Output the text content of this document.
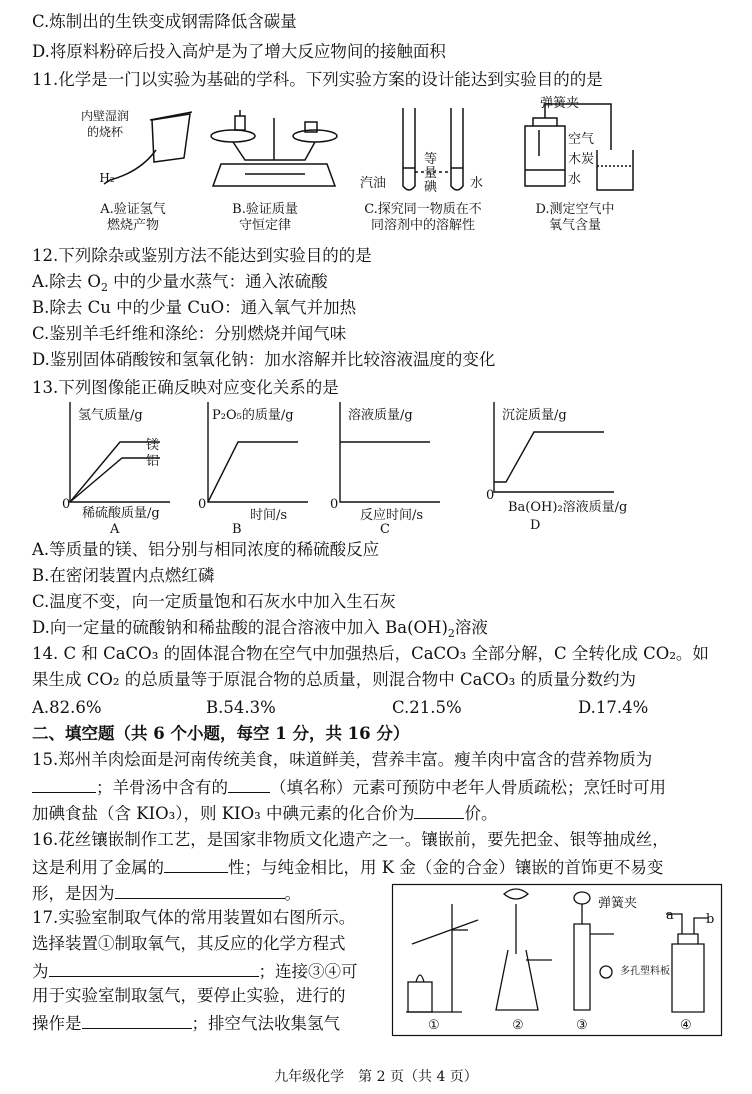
C.炼制出的生铁变成钢需降低含碳量
D.将原料粉碎后投入高炉是为了增大反应物间的接触面积
11.化学是一门以实验为基础的学科。下列实验方案的设计能达到实验目的的是
内壁湿润
的烧杯
H₂
A.验证氢气
燃烧产物
B.验证质量
守恒定律
汽油	水
等
量
碘
C.探究同一物质在不
同溶剂中的溶解性
弹簧夹
空气
木炭
水
D.测定空气中
氧气含量
12.下列除杂或鉴别方法不能达到实验目的的是
A.除去 $O_2$ 中的少量水蒸气：通入浓硫酸
B.除去 Cu 中的少量 CuO：通入氧气并加热
C.鉴别羊毛纤维和涤纶：分别燃烧并闻气味
D.鉴别固体硝酸铵和氢氧化钠：加水溶解并比较溶液温度的变化
13.下列图像能正确反映对应变化关系的是
氢气质量/g
镁
铝
0
稀硫酸质量/g
A
P₂O₅的质量/g
0
时间/s
B
溶液质量/g
0
反应时间/s
C
沉淀质量/g
0
Ba(OH)₂溶液质量/g
D
A.等质量的镁、铝分别与相同浓度的稀硫酸反应
B.在密闭装置内点燃红磷
C.温度不变，向一定质量饱和石灰水中加入生石灰
D.向一定量的硫酸钠和稀盐酸的混合溶液中加入 $Ba(OH)_2$溶液
14. C 和 CaCO₃ 的固体混合物在空气中加强热后，CaCO₃ 全部分解，C 全转化成 CO₂。如
果生成 CO₂ 的总质量等于原混合物的总质量，则混合物中 CaCO₃ 的质量分数约为
A.82.6%	B.54.3%	C.21.5%	D.17.4%
二、填空题（共 6 个小题，每空 1 分，共 16 分）
15.郑州羊肉烩面是河南传统美食，味道鲜美，营养丰富。瘦羊肉中富含的营养物质为
；羊骨汤中含有的	（填名称）元素可预防中老年人骨质疏松；烹饪时可用
加碘食盐（含 KIO₃），则 KIO₃ 中碘元素的化合价为	价。
16.花丝镶嵌制作工艺，是国家非物质文化遗产之一。镶嵌前，要先把金、银等抽成丝，
这是利用了金属的	性；与纯金相比，用 K 金（金的合金）镶嵌的首饰更不易变
形，是因为	。
17.实验室制取气体的常用装置如右图所示。
选择装置①制取氧气，其反应的化学方程式
为	；连接③④可
用于实验室制取氢气，要停止实验，进行的
操作是	；排空气法收集氢气
弹簧夹
多孔塑料板
a b
①	②	③	④
九年级化学　第 2 页（共 4 页）
